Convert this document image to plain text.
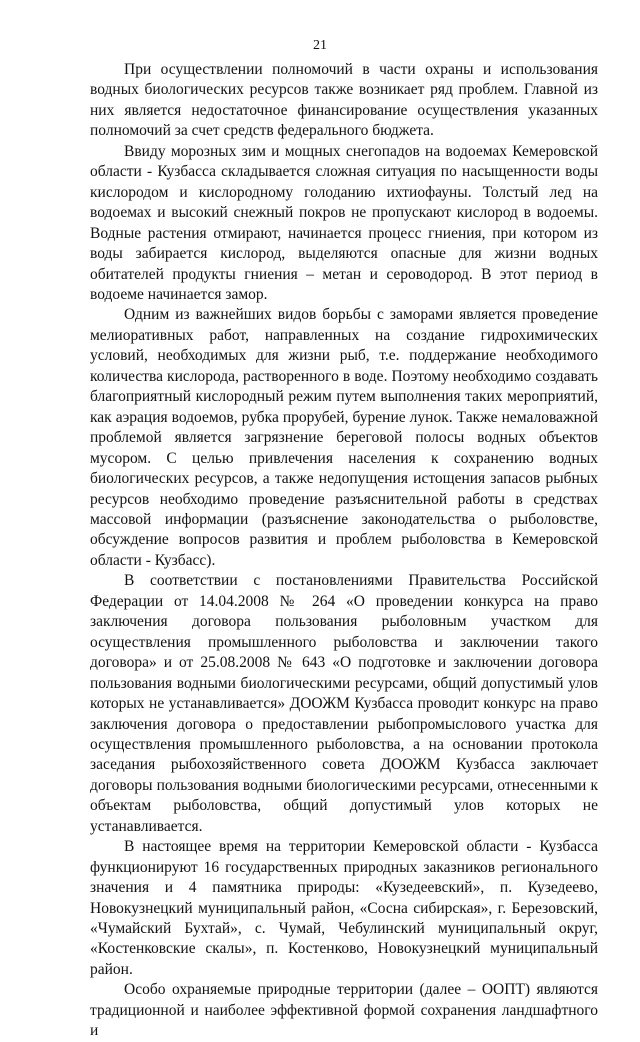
21

При осуществлении полномочий в части охраны и использования водных биологических ресурсов также возникает ряд проблем. Главной из них является недостаточное финансирование осуществления указанных полномочий за счет средств федерального бюджета.

Ввиду морозных зим и мощных снегопадов на водоемах Кемеровской области - Кузбасса складывается сложная ситуация по насыщенности воды кислородом и кислородному голоданию ихтиофауны. Толстый лед на водоемах и высокий снежный покров не пропускают кислород в водоемы. Водные растения отмирают, начинается процесс гниения, при котором из воды забирается кислород, выделяются опасные для жизни водных обитателей продукты гниения – метан и сероводород. В этот период в водоеме начинается замор.

Одним из важнейших видов борьбы с заморами является проведение мелиоративных работ, направленных на создание гидрохимических условий, необходимых для жизни рыб, т.е. поддержание необходимого количества кислорода, растворенного в воде. Поэтому необходимо создавать благоприятный кислородный режим путем выполнения таких мероприятий, как аэрация водоемов, рубка прорубей, бурение лунок. Также немаловажной проблемой является загрязнение береговой полосы водных объектов мусором. С целью привлечения населения к сохранению водных биологических ресурсов, а также недопущения истощения запасов рыбных ресурсов необходимо проведение разъяснительной работы в средствах массовой информации (разъяснение законодательства о рыболовстве, обсуждение вопросов развития и проблем рыболовства в Кемеровской области - Кузбасс).

В соответствии с постановлениями Правительства Российской Федерации от 14.04.2008 № 264 «О проведении конкурса на право заключения договора пользования рыболовным участком для осуществления промышленного рыболовства и заключении такого договора» и от 25.08.2008 № 643 «О подготовке и заключении договора пользования водными биологическими ресурсами, общий допустимый улов которых не устанавливается» ДООЖМ Кузбасса проводит конкурс на право заключения договора о предоставлении рыбопромыслового участка для осуществления промышленного рыболовства, а на основании протокола заседания рыбохозяйственного совета ДООЖМ Кузбасса заключает договоры пользования водными биологическими ресурсами, отнесенными к объектам рыболовства, общий допустимый улов которых не устанавливается.

В настоящее время на территории Кемеровской области - Кузбасса функционируют 16 государственных природных заказников регионального значения и 4 памятника природы: «Кузедеевский», п. Кузедеево, Новокузнецкий муниципальный район, «Сосна сибирская», г. Березовский, «Чумайский Бухтай», с. Чумай, Чебулинский муниципальный округ, «Костенковские скалы», п. Костенково, Новокузнецкий муниципальный район.

Особо охраняемые природные территории (далее – ООПТ) являются традиционной и наиболее эффективной формой сохранения ландшафтного и
